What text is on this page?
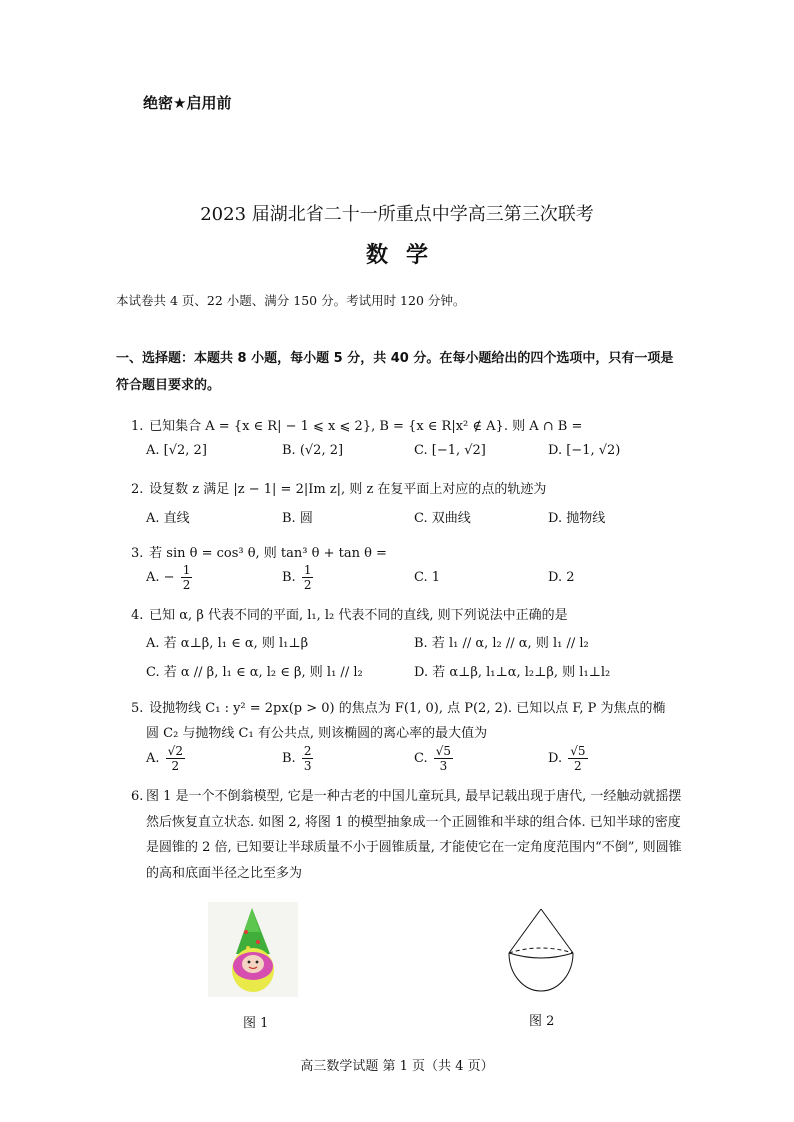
绝密★启用前
2023 届湖北省二十一所重点中学高三第三次联考
数学
本试卷共 4 页、22 小题、满分 150 分。考试用时 120 分钟。
一、选择题：本题共 8 小题，每小题 5 分，共 40 分。在每小题给出的四个选项中，只有一项是符合题目要求的。
1. 已知集合 A = {x ∈ R| − 1 ⩽ x ⩽ 2}, B = {x ∈ R|x² ∉ A}. 则 A ∩ B =
A. [√2, 2]	B. (√2, 2]	C. [−1, √2]	D. [−1, √2)
2. 设复数 z 满足 |z − 1| = 2|Im z|, 则 z 在复平面上对应的点的轨迹为
A. 直线	B. 圆	C. 双曲线	D. 抛物线
3. 若 sin θ = cos³ θ, 则 tan³ θ + tan θ =
A. − $\frac{1}{2}$	B. $\frac{1}{2}$	C. 1	D. 2
4. 已知 α, β 代表不同的平面, l₁, l₂ 代表不同的直线, 则下列说法中正确的是
A. 若 α⊥β, l₁ ∈ α, 则 l₁⊥β	B. 若 l₁ // α, l₂ // α, 则 l₁ // l₂
C. 若 α // β, l₁ ∈ α, l₂ ∈ β, 则 l₁ // l₂	D. 若 α⊥β, l₁⊥α, l₂⊥β, 则 l₁⊥l₂
5. 设抛物线 C₁ : y² = 2px(p > 0) 的焦点为 F(1, 0), 点 P(2, 2). 已知以点 F, P 为焦点的椭
圆 C₂ 与抛物线 C₁ 有公共点, 则该椭圆的离心率的最大值为
A. $\frac{√2}{2}$	B. $\frac{2}{3}$	C. $\frac{√5}{3}$	D. $\frac{√5}{2}$
6. 图 1 是一个不倒翁模型, 它是一种古老的中国儿童玩具, 最早记载出现于唐代, 一经触动就摇摆然后恢复直立状态. 如图 2, 将图 1 的模型抽象成一个正圆锥和半球的组合体. 已知半球的密度是圆锥的 2 倍, 已知要让半球质量不小于圆锥质量, 才能使它在一定角度范围内“不倒”, 则圆锥的高和底面半径之比至多为
图 1	图 2
高三数学试题 第 1 页（共 4 页）
